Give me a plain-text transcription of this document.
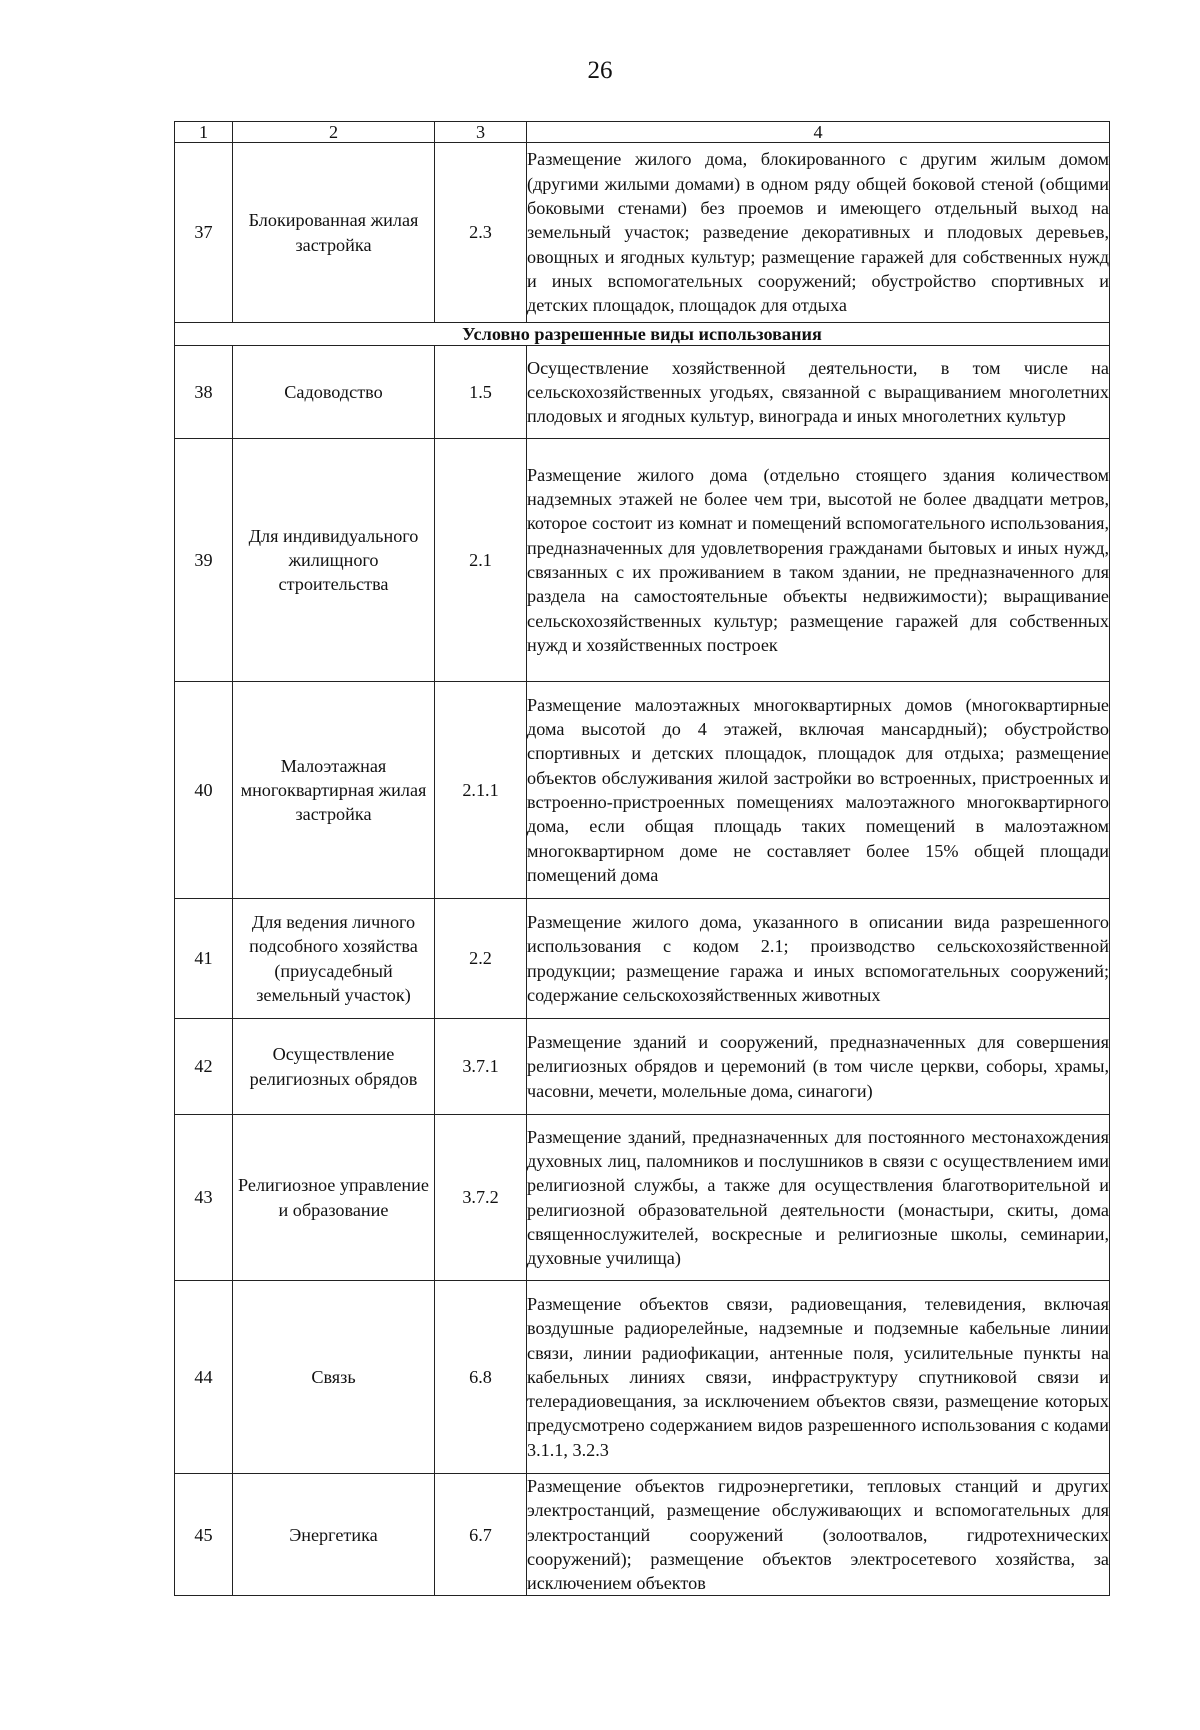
26
1	2	3	4
37	Блокированная жилая застройка	2.3	Размещение жилого дома, блокированного с другим жилым домом (другими жилыми домами) в одном ряду общей боковой стеной (общими боковыми стенами) без проемов и имеющего отдельный выход на земельный участок; разведение декоративных и плодовых деревьев, овощных и ягодных культур; размещение гаражей для собственных нужд и иных вспомогательных сооружений; обустройство спортивных и детских площадок, площадок для отдыха
Условно разрешенные виды использования			
38	Садоводство	1.5	Осуществление хозяйственной деятельности, в том числе на сельскохозяйственных угодьях, связанной с выращиванием многолетних плодовых и ягодных культур, винограда и иных многолетних культур
39	Для индивидуального жилищного строительства	2.1	Размещение жилого дома (отдельно стоящего здания количеством надземных этажей не более чем три, высотой не более двадцати метров, которое состоит из комнат и помещений вспомогательного использования, предназначенных для удовлетворения гражданами бытовых и иных нужд, связанных с их проживанием в таком здании, не предназначенного для раздела на самостоятельные объекты недвижимости); выращивание сельскохозяйственных культур; размещение гаражей для собственных нужд и хозяйственных построек
40	Малоэтажная многоквартирная жилая застройка	2.1.1	Размещение малоэтажных многоквартирных домов (многоквартирные дома высотой до 4 этажей, включая мансардный); обустройство спортивных и детских площадок, площадок для отдыха; размещение объектов обслуживания жилой застройки во встроенных, пристроенных и встроенно-пристроенных помещениях малоэтажного многоквартирного дома, если общая площадь таких помещений в малоэтажном многоквартирном доме не составляет более 15% общей площади помещений дома
41	Для ведения личного подсобного хозяйства (приусадебный земельный участок)	2.2	Размещение жилого дома, указанного в описании вида разрешенного использования с кодом 2.1; производство сельскохозяйственной продукции; размещение гаража и иных вспомогательных сооружений; содержание сельскохозяйственных животных
42	Осуществление религиозных обрядов	3.7.1	Размещение зданий и сооружений, предназначенных для совершения религиозных обрядов и церемоний (в том числе церкви, соборы, храмы, часовни, мечети, молельные дома, синагоги)
43	Религиозное управление и образование	3.7.2	Размещение зданий, предназначенных для постоянного местонахождения духовных лиц, паломников и послушников в связи с осуществлением ими религиозной службы, а также для осуществления благотворительной и религиозной образовательной деятельности (монастыри, скиты, дома священнослужителей, воскресные и религиозные школы, семинарии, духовные училища)
44	Связь	6.8	Размещение объектов связи, радиовещания, телевидения, включая воздушные радиорелейные, надземные и подземные кабельные линии связи, линии радиофикации, антенные поля, усилительные пункты на кабельных линиях связи, инфраструктуру спутниковой связи и телерадиовещания, за исключением объектов связи, размещение которых предусмотрено содержанием видов разрешенного использования с кодами 3.1.1, 3.2.3
45	Энергетика	6.7	Размещение объектов гидроэнергетики, тепловых станций и других электростанций, размещение обслуживающих и вспомогательных для электростанций сооружений (золоотвалов, гидротехнических сооружений); размещение объектов электросетевого хозяйства, за исключением объектов
